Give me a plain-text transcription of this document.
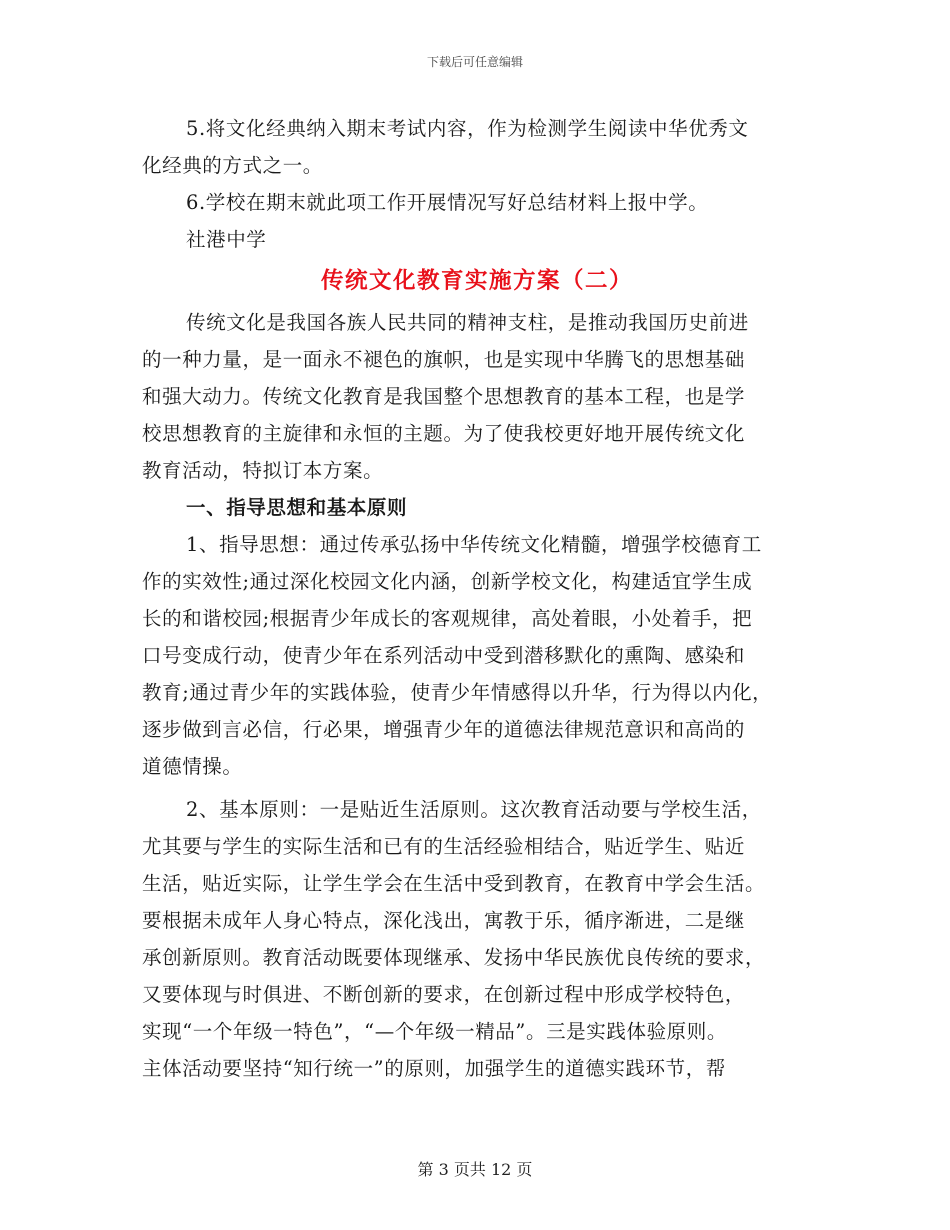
下载后可任意编辑
5.将文化经典纳入期末考试内容，作为检测学生阅读中华优秀文
化经典的方式之一。
6.学校在期末就此项工作开展情况写好总结材料上报中学。
社港中学
传统文化教育实施方案（二）
传统文化是我国各族人民共同的精神支柱，是推动我国历史前进
的一种力量，是一面永不褪色的旗帜，也是实现中华腾飞的思想基础
和强大动力。传统文化教育是我国整个思想教育的基本工程，也是学
校思想教育的主旋律和永恒的主题。为了使我校更好地开展传统文化
教育活动，特拟订本方案。
一、指导思想和基本原则
1、指导思想：通过传承弘扬中华传统文化精髓，增强学校德育工
作的实效性;通过深化校园文化内涵，创新学校文化，构建适宜学生成
长的和谐校园;根据青少年成长的客观规律，高处着眼，小处着手，把
口号变成行动，使青少年在系列活动中受到潜移默化的熏陶、感染和
教育;通过青少年的实践体验，使青少年情感得以升华，行为得以内化，
逐步做到言必信，行必果，增强青少年的道德法律规范意识和高尚的
道德情操。
2、基本原则：一是贴近生活原则。这次教育活动要与学校生活，
尤其要与学生的实际生活和已有的生活经验相结合，贴近学生、贴近
生活，贴近实际，让学生学会在生活中受到教育，在教育中学会生活。
要根据未成年人身心特点，深化浅出，寓教于乐，循序渐进，二是继
承创新原则。教育活动既要体现继承、发扬中华民族优良传统的要求，
又要体现与时俱进、不断创新的要求，在创新过程中形成学校特色，
实现“一个年级一特色”，“—个年级一精品”。三是实践体验原则。
主体活动要坚持“知行统一”的原则，加强学生的道德实践环节，帮
第 3 页共 12 页
